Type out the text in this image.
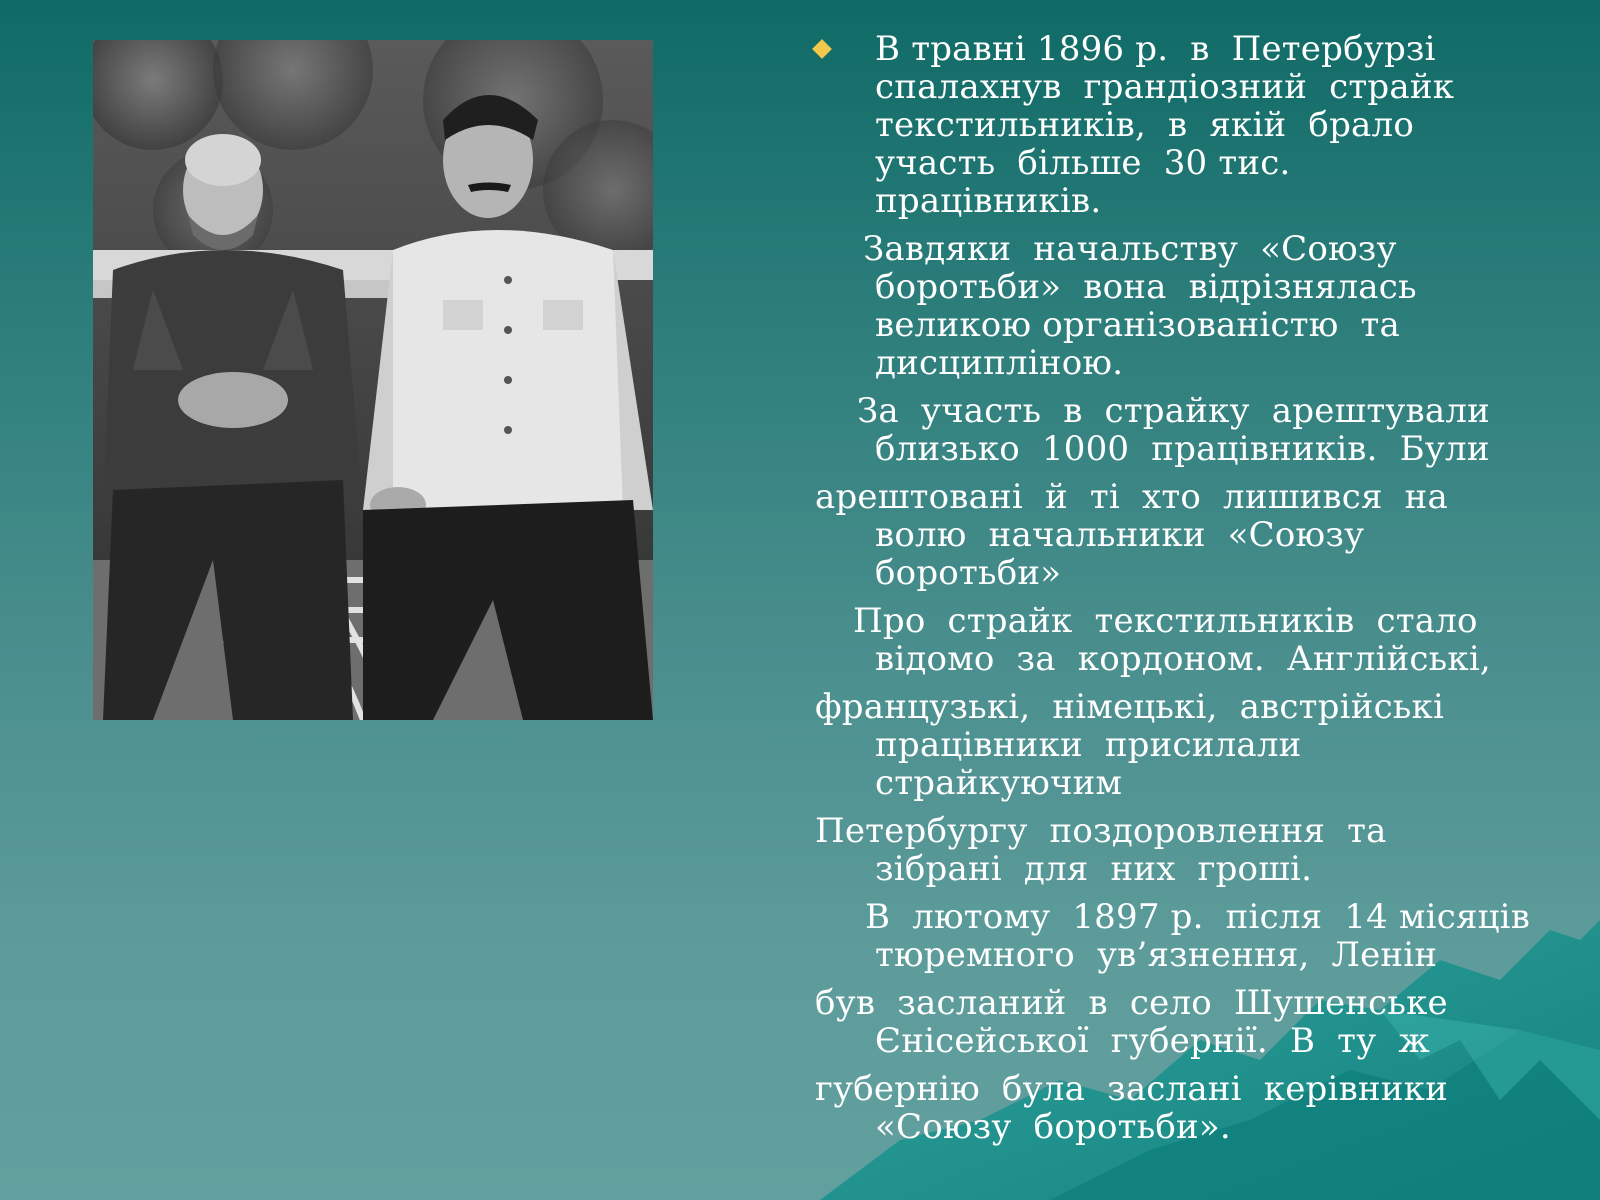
В травні 1896 р.  в  Петербурзі
спалахнув  грандіозний  страйк
текстильників,  в  якій  брало
участь  більше  30 тис.
працівників.
Завдяки  начальству  «Союзу
боротьби»  вона  відрізнялась
великою організованістю  та
дисципліною.
За  участь  в  страйку  арештували
близько  1000  працівників.  Були
арештовані  й  ті  хто  лишився  на
волю  начальники  «Союзу
боротьби»
Про  страйк  текстильників  стало
відомо  за  кордоном.  Англійські,
французькі,  німецькі,  австрійські
працівники  присилали
страйкуючим
Петербургу  поздоровлення  та
зібрані  для  них  гроші.
В  лютому  1897 р.  після  14 місяців
тюремного  ув’язнення,  Ленін
був  засланий  в  село  Шушенське
Єнісейської  губернії.  В  ту  ж
губернію  була  заслані  керівники
«Союзу  боротьби».
